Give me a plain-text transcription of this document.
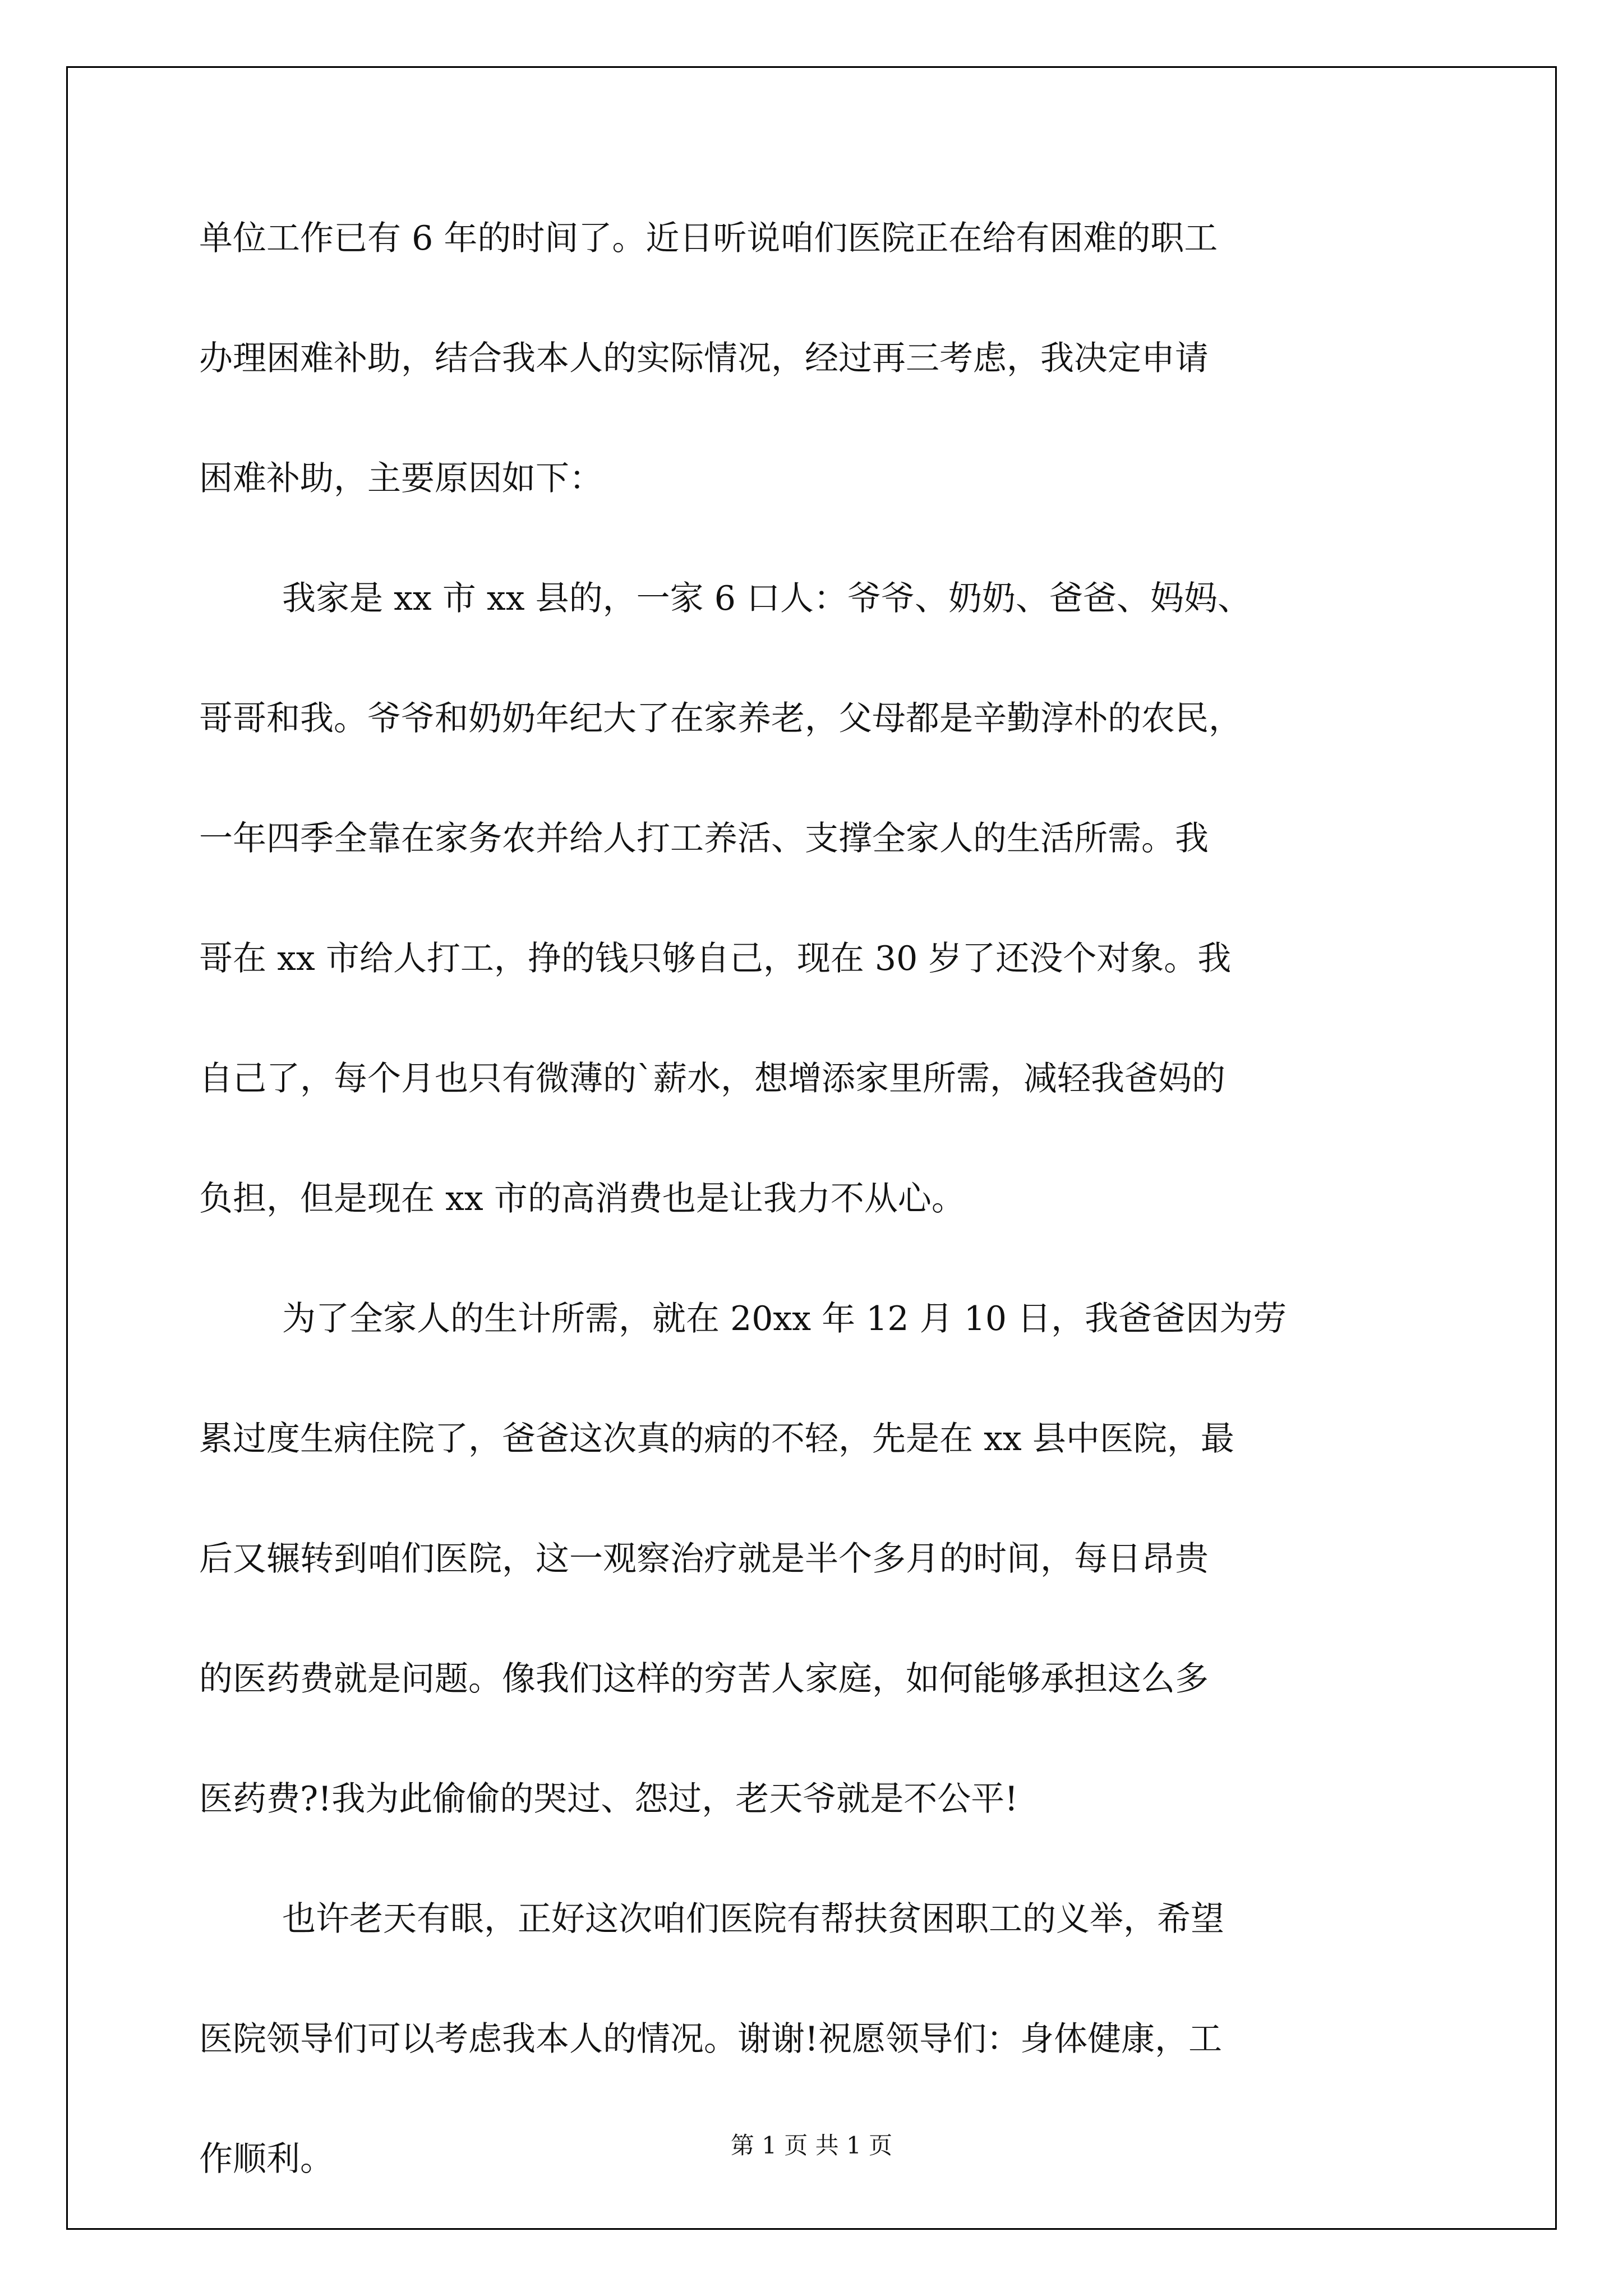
单位工作已有 6 年的时间了。近日听说咱们医院正在给有困难的职工
办理困难补助，结合我本人的实际情况，经过再三考虑，我决定申请
困难补助，主要原因如下：
我家是 xx 市 xx 县的，一家 6 口人：爷爷、奶奶、爸爸、妈妈、
哥哥和我。爷爷和奶奶年纪大了在家养老，父母都是辛勤淳朴的农民，
一年四季全靠在家务农并给人打工养活、支撑全家人的生活所需。我
哥在 xx 市给人打工，挣的钱只够自己，现在 30 岁了还没个对象。我
自己了，每个月也只有微薄的`薪水，想增添家里所需，减轻我爸妈的
负担，但是现在 xx 市的高消费也是让我力不从心。
为了全家人的生计所需，就在 20xx 年 12 月 10 日，我爸爸因为劳
累过度生病住院了，爸爸这次真的病的不轻，先是在 xx 县中医院，最
后又辗转到咱们医院，这一观察治疗就是半个多月的时间，每日昂贵
的医药费就是问题。像我们这样的穷苦人家庭，如何能够承担这么多
医药费?!我为此偷偷的哭过、怨过，老天爷就是不公平!
也许老天有眼，正好这次咱们医院有帮扶贫困职工的义举，希望
医院领导们可以考虑我本人的情况。谢谢!祝愿领导们：身体健康，工
作顺利。	第 1 页 共 1 页
